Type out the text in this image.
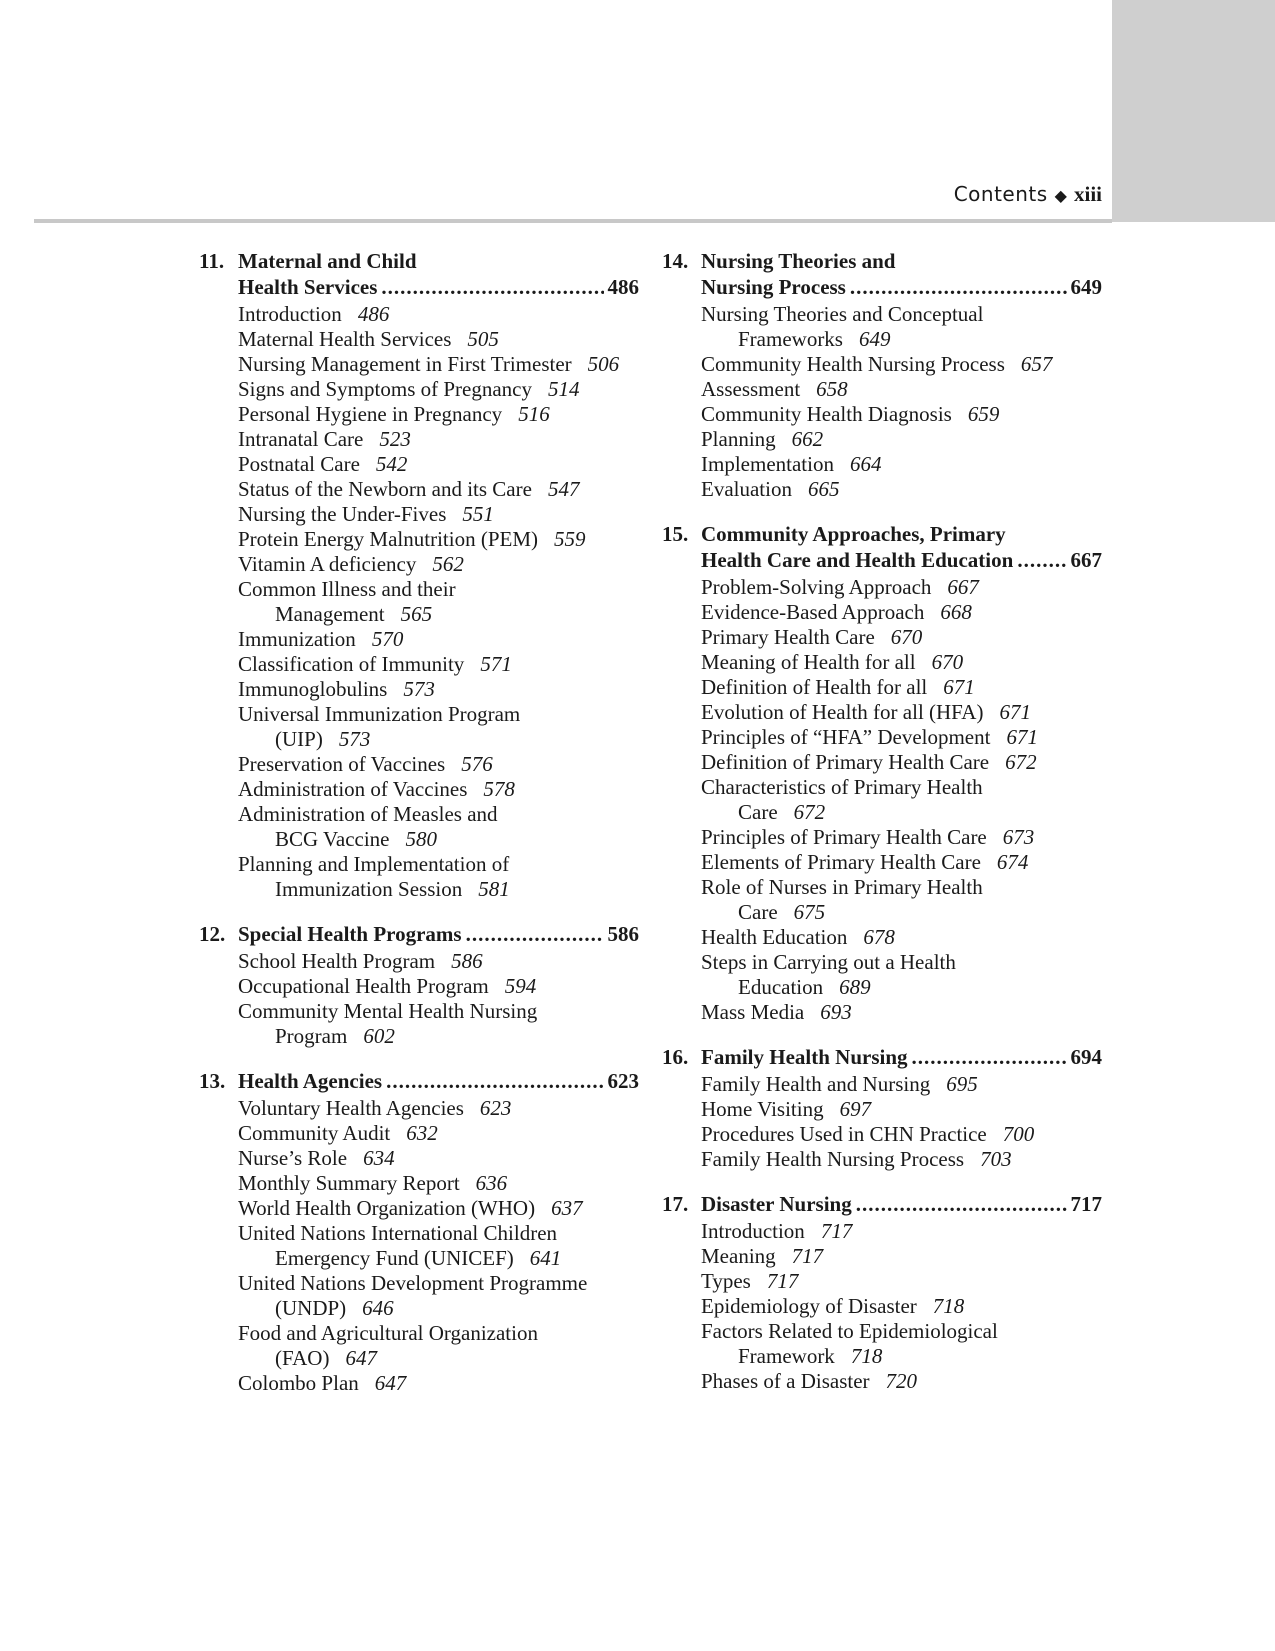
Contents ◆ xiii
11. Maternal and Child
Health Services .....	486
Introduction 486
Maternal Health Services 505
Nursing Management in First Trimester 506
Signs and Symptoms of Pregnancy 514
Personal Hygiene in Pregnancy 516
Intranatal Care 523
Postnatal Care 542
Status of the Newborn and its Care 547
Nursing the Under-Fives 551
Protein Energy Malnutrition (PEM) 559
Vitamin A deficiency 562
Common Illness and their
Management 565
Immunization 570
Classification of Immunity 571
Immunoglobulins 573
Universal Immunization Program
(UIP) 573
Preservation of Vaccines 576
Administration of Vaccines 578
Administration of Measles and
BCG Vaccine 580
Planning and Implementation of
Immunization Session 581
12. Special Health Programs .....	586
School Health Program 586
Occupational Health Program 594
Community Mental Health Nursing
Program 602
13. Health Agencies .....	623
Voluntary Health Agencies 623
Community Audit 632
Nurse’s Role 634
Monthly Summary Report 636
World Health Organization (WHO) 637
United Nations International Children
Emergency Fund (UNICEF) 641
United Nations Development Programme
(UNDP) 646
Food and Agricultural Organization
(FAO) 647
Colombo Plan 647
14. Nursing Theories and
Nursing Process .....	649
Nursing Theories and Conceptual
Frameworks 649
Community Health Nursing Process 657
Assessment 658
Community Health Diagnosis 659
Planning 662
Implementation 664
Evaluation 665
15. Community Approaches, Primary
Health Care and Health Education .....	667
Problem-Solving Approach 667
Evidence-Based Approach 668
Primary Health Care 670
Meaning of Health for all 670
Definition of Health for all 671
Evolution of Health for all (HFA) 671
Principles of “HFA” Development 671
Definition of Primary Health Care 672
Characteristics of Primary Health
Care 672
Principles of Primary Health Care 673
Elements of Primary Health Care 674
Role of Nurses in Primary Health
Care 675
Health Education 678
Steps in Carrying out a Health
Education 689
Mass Media 693
16. Family Health Nursing .....	694
Family Health and Nursing 695
Home Visiting 697
Procedures Used in CHN Practice 700
Family Health Nursing Process 703
17. Disaster Nursing .....	717
Introduction 717
Meaning 717
Types 717
Epidemiology of Disaster 718
Factors Related to Epidemiological
Framework 718
Phases of a Disaster 720
